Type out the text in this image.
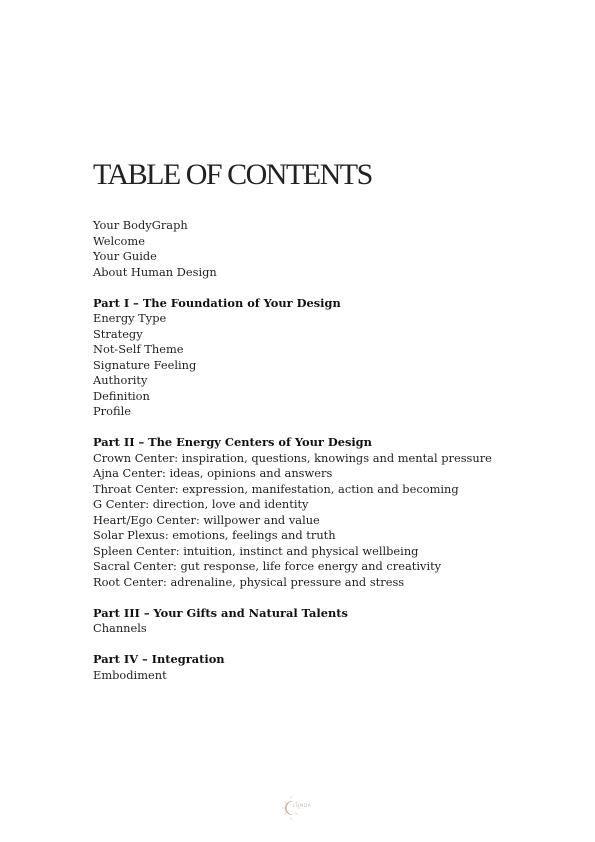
TABLE OF CONTENTS
Your BodyGraph
Welcome
Your Guide
About Human Design
Part I – The Foundation of Your Design
Energy Type
Strategy
Not-Self Theme
Signature Feeling
Authority
Definition
Profile
Part II – The Energy Centers of Your Design
Crown Center: inspiration, questions, knowings and mental pressure
Ajna Center: ideas, opinions and answers
Throat Center: expression, manifestation, action and becoming
G Center: direction, love and identity
Heart/Ego Center: willpower and value
Solar Plexus: emotions, feelings and truth
Spleen Center: intuition, instinct and physical wellbeing
Sacral Center: gut response, life force energy and creativity
Root Center: adrenaline, physical pressure and stress
Part III – Your Gifts and Natural Talents
Channels
Part IV – Integration
Embodiment
LUNDA
